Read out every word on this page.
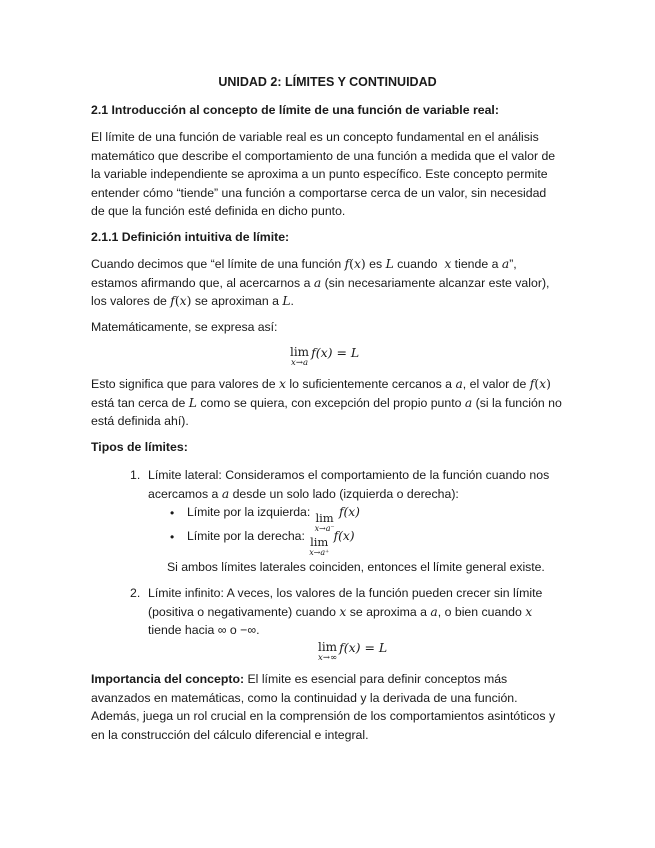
UNIDAD 2: LÍMITES Y CONTINUIDAD
2.1 Introducción al concepto de límite de una función de variable real:
El límite de una función de variable real es un concepto fundamental en el análisis
matemático que describe el comportamiento de una función a medida que el valor de
la variable independiente se aproxima a un punto específico. Este concepto permite
entender cómo “tiende” una función a comportarse cerca de un valor, sin necesidad
de que la función esté definida en dicho punto.
2.1.1 Definición intuitiva de límite:
Cuando decimos que “el límite de una función f(x) es L cuando  x tiende a a”,
estamos afirmando que, al acercarnos a a (sin necesariamente alcanzar este valor),
los valores de f(x) se aproximan a L.
Matemáticamente, se expresa así:
lim
x→a
f(x) = L
Esto significa que para valores de x lo suficientemente cercanos a a, el valor de f(x)
está tan cerca de L como se quiera, con excepción del propio punto a (si la función no
está definida ahí).
Tipos de límites:
1. Límite lateral: Consideramos el comportamiento de la función cuando nos
acercamos a a desde un solo lado (izquierda o derecha):
• Límite por la izquierda: lim
x→a⁻
f(x)
• Límite por la derecha: lim
x→a⁺
f(x)
Si ambos límites laterales coinciden, entonces el límite general existe.
2. Límite infinito: A veces, los valores de la función pueden crecer sin límite
(positiva o negativamente) cuando x se aproxima a a, o bien cuando x
tiende hacia ∞ o −∞.
lim
x→∞
f(x) = L
Importancia del concepto: El límite es esencial para definir conceptos más
avanzados en matemáticas, como la continuidad y la derivada de una función.
Además, juega un rol crucial en la comprensión de los comportamientos asintóticos y
en la construcción del cálculo diferencial e integral.
